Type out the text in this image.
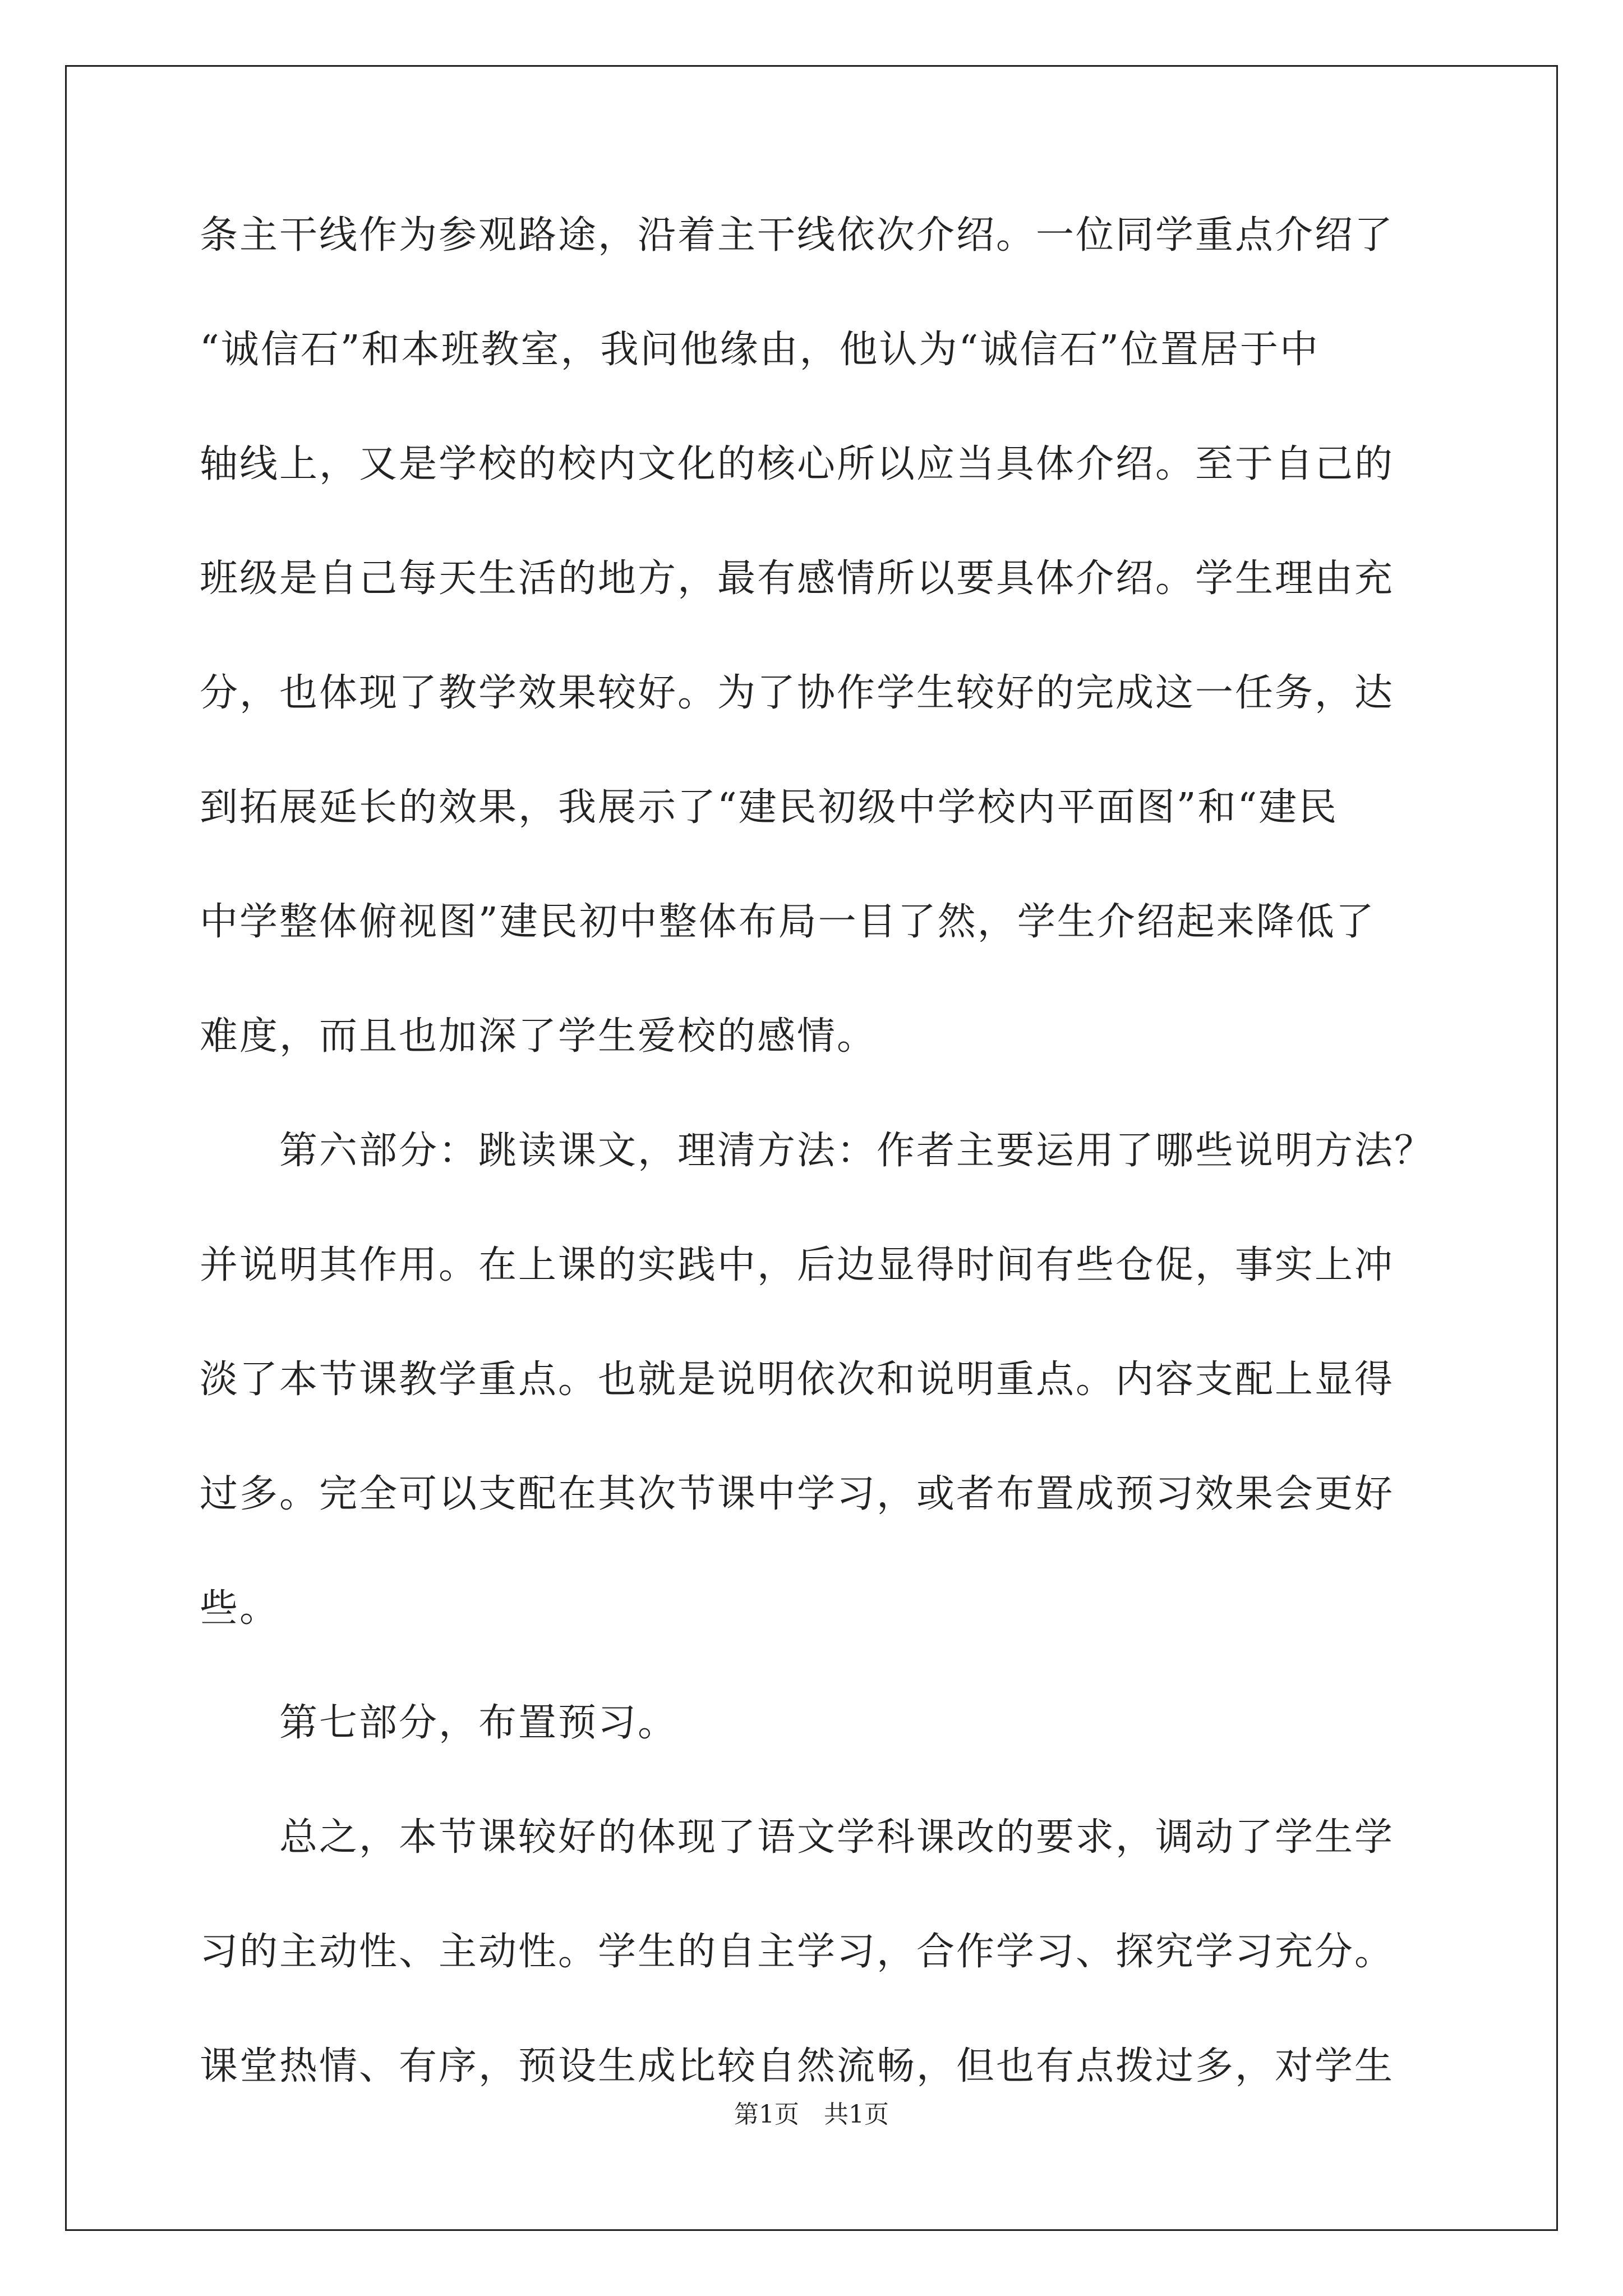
条主干线作为参观路途，沿着主干线依次介绍。一位同学重点介绍了
“诚信石”和本班教室，我问他缘由，他认为“诚信石”位置居于中
轴线上，又是学校的校内文化的核心所以应当具体介绍。至于自己的
班级是自己每天生活的地方，最有感情所以要具体介绍。学生理由充
分，也体现了教学效果较好。为了协作学生较好的完成这一任务，达
到拓展延长的效果，我展示了“建民初级中学校内平面图”和“建民
中学整体俯视图”建民初中整体布局一目了然，学生介绍起来降低了
难度，而且也加深了学生爱校的感情。
　　第六部分：跳读课文，理清方法：作者主要运用了哪些说明方法？
并说明其作用。在上课的实践中，后边显得时间有些仓促，事实上冲
淡了本节课教学重点。也就是说明依次和说明重点。内容支配上显得
过多。完全可以支配在其次节课中学习，或者布置成预习效果会更好
些。
　　第七部分，布置预习。
　　总之，本节课较好的体现了语文学科课改的要求，调动了学生学
习的主动性、主动性。学生的自主学习，合作学习、探究学习充分。
课堂热情、有序，预设生成比较自然流畅，但也有点拨过多，对学生
第1页　共1页
